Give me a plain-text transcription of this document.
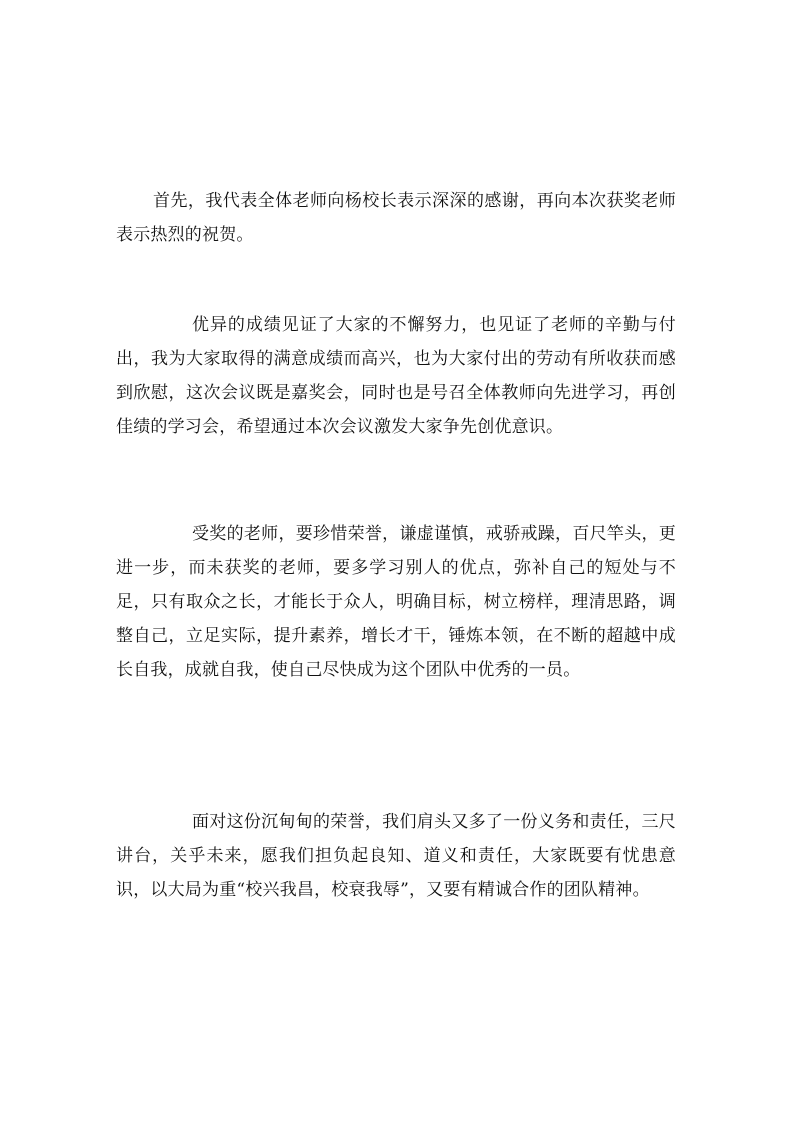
首先，我代表全体老师向杨校长表示深深的感谢，再向本次获奖老师表示热烈的祝贺。

优异的成绩见证了大家的不懈努力，也见证了老师的辛勤与付出，我为大家取得的满意成绩而高兴，也为大家付出的劳动有所收获而感到欣慰，这次会议既是嘉奖会，同时也是号召全体教师向先进学习，再创佳绩的学习会，希望通过本次会议激发大家争先创优意识。

受奖的老师，要珍惜荣誉，谦虚谨慎，戒骄戒躁，百尺竿头，更进一步，而未获奖的老师，要多学习别人的优点，弥补自己的短处与不足，只有取众之长，才能长于众人，明确目标，树立榜样，理清思路，调整自己，立足实际，提升素养，增长才干，锤炼本领，在不断的超越中成长自我，成就自我，使自己尽快成为这个团队中优秀的一员。

面对这份沉甸甸的荣誉，我们肩头又多了一份义务和责任，三尺讲台，关乎未来，愿我们担负起良知、道义和责任，大家既要有忧患意识，以大局为重“校兴我昌，校衰我辱”，又要有精诚合作的团队精神。
